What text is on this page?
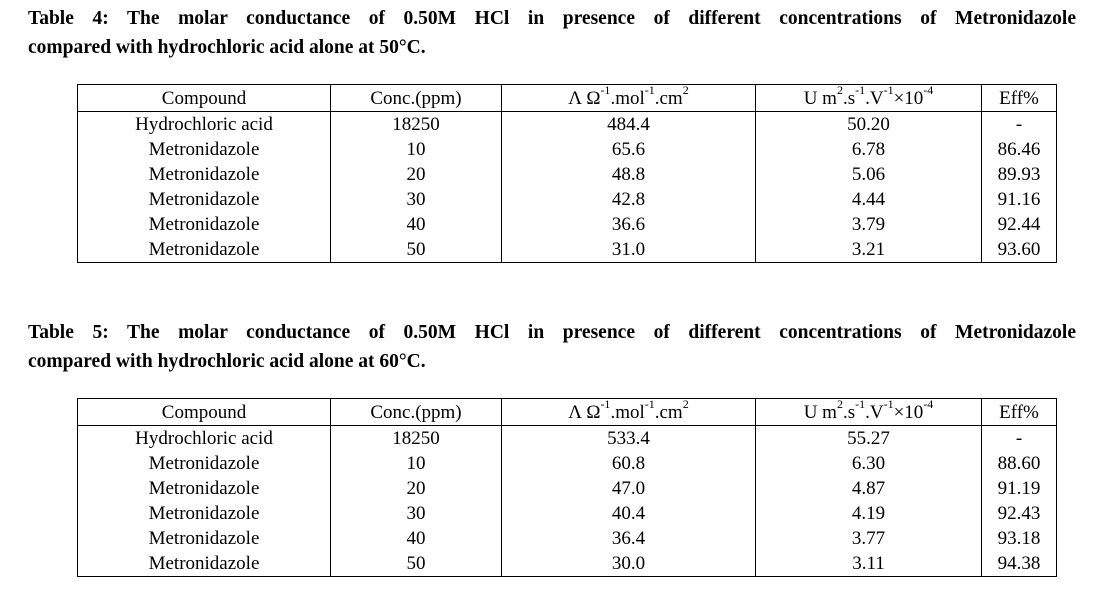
Table 4: The molar conductance of 0.50M HCl in presence of different concentrations of Metronidazole
compared with hydrochloric acid alone at 50°C.
Compound	Conc.(ppm)	Λ $\Omega^{-1}.mol^{-1}.cm^2$	U $m^2.s^{-1}.V^{-1}\times 10^{-4}$	Eff%
Hydrochloric acid	18250	484.4	50.20	-
Metronidazole	10	65.6	6.78	86.46
Metronidazole	20	48.8	5.06	89.93
Metronidazole	30	42.8	4.44	91.16
Metronidazole	40	36.6	3.79	92.44
Metronidazole	50	31.0	3.21	93.60
Table 5: The molar conductance of 0.50M HCl in presence of different concentrations of Metronidazole
compared with hydrochloric acid alone at 60°C.
Compound	Conc.(ppm)	Λ $\Omega^{-1}.mol^{-1}.cm^2$	U $m^2.s^{-1}.V^{-1}\times 10^{-4}$	Eff%
Hydrochloric acid	18250	533.4	55.27	-
Metronidazole	10	60.8	6.30	88.60
Metronidazole	20	47.0	4.87	91.19
Metronidazole	30	40.4	4.19	92.43
Metronidazole	40	36.4	3.77	93.18
Metronidazole	50	30.0	3.11	94.38
